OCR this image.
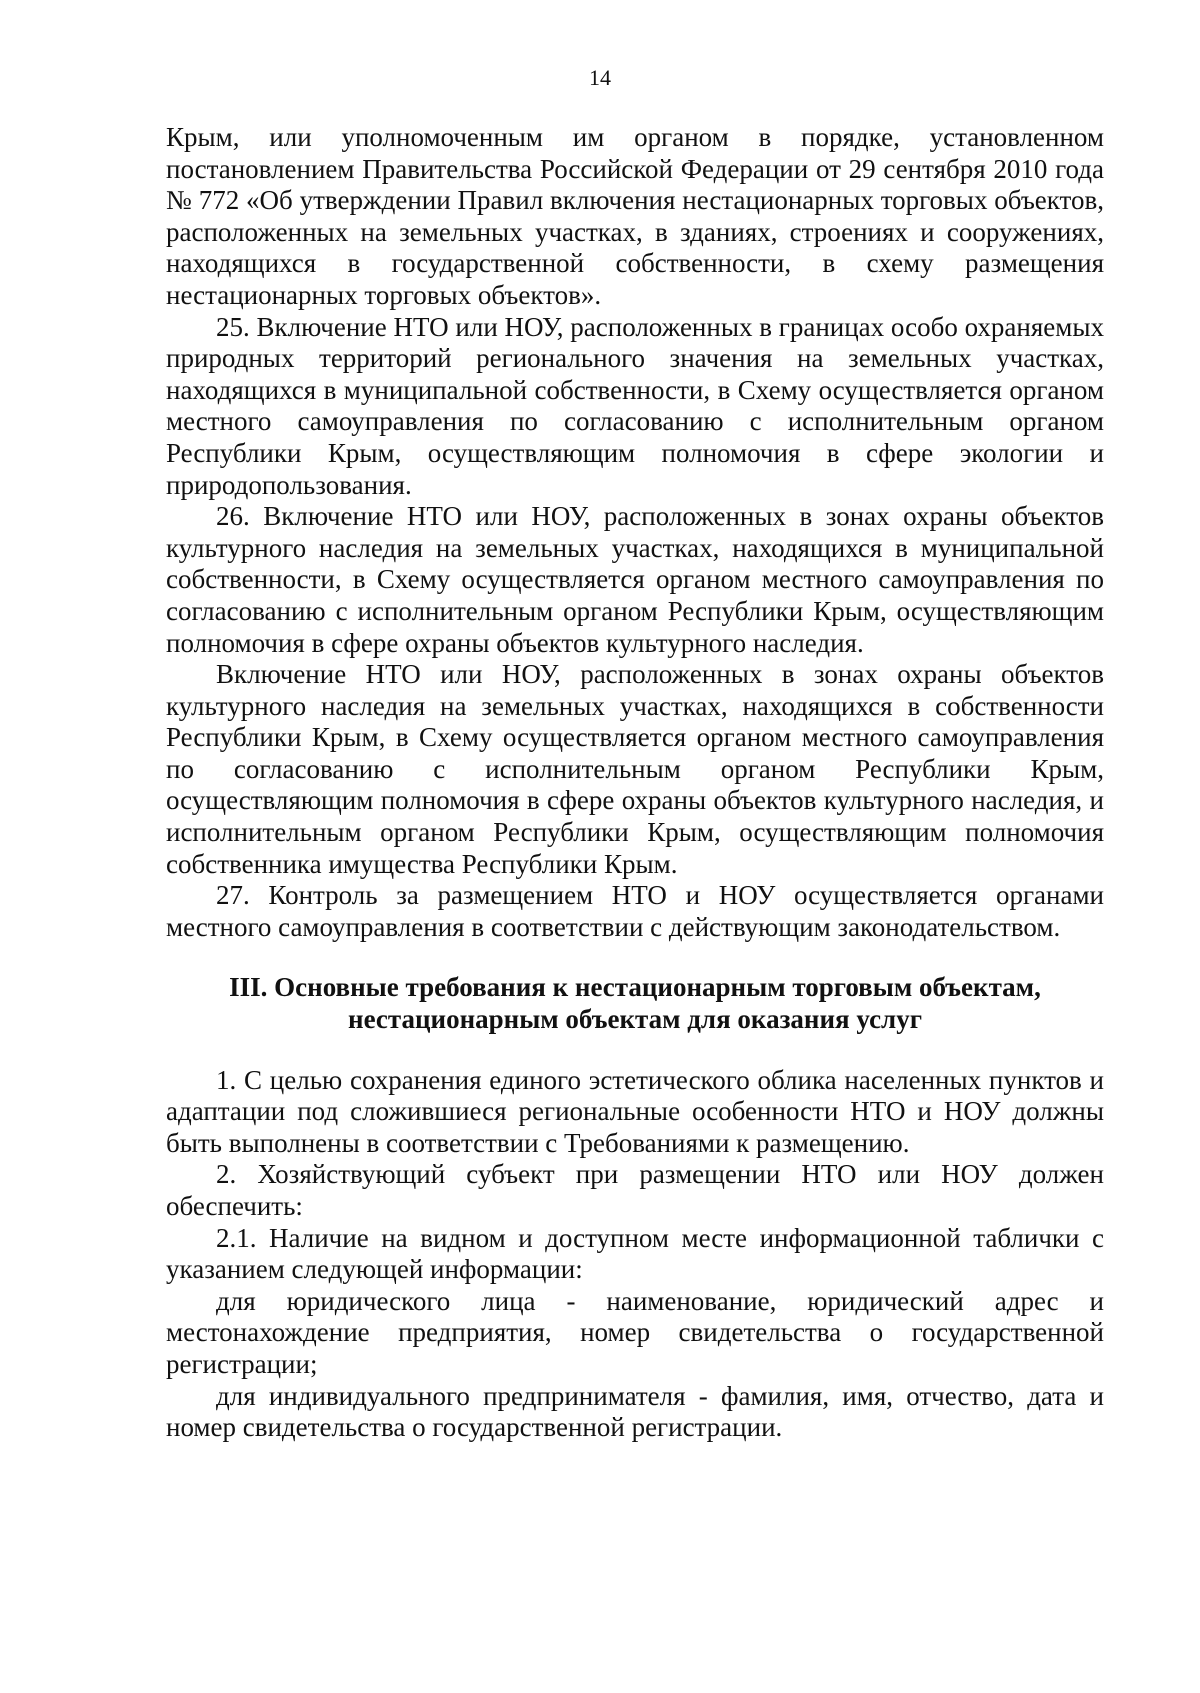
14

Крым, или уполномоченным им органом в порядке, установленном постановлением Правительства Российской Федерации от 29 сентября 2010 года № 772 «Об утверждении Правил включения нестационарных торговых объектов, расположенных на земельных участках, в зданиях, строениях и сооружениях, находящихся в государственной собственности, в схему размещения нестационарных торговых объектов».

25. Включение НТО или НОУ, расположенных в границах особо охраняемых природных территорий регионального значения на земельных участках, находящихся в муниципальной собственности, в Схему осуществляется органом местного самоуправления по согласованию с исполнительным органом Республики Крым, осуществляющим полномочия в сфере экологии и природопользования.

26. Включение НТО или НОУ, расположенных в зонах охраны объектов культурного наследия на земельных участках, находящихся в муниципальной собственности, в Схему осуществляется органом местного самоуправления по согласованию с исполнительным органом Республики Крым, осуществляющим полномочия в сфере охраны объектов культурного наследия.

Включение НТО или НОУ, расположенных в зонах охраны объектов культурного наследия на земельных участках, находящихся в собственности Республики Крым, в Схему осуществляется органом местного самоуправления по согласованию с исполнительным органом Республики Крым, осуществляющим полномочия в сфере охраны объектов культурного наследия, и исполнительным органом Республики Крым, осуществляющим полномочия собственника имущества Республики Крым.

27. Контроль за размещением НТО и НОУ осуществляется органами местного самоуправления в соответствии с действующим законодательством.

III. Основные требования к нестационарным торговым объектам,

нестационарным объектам для оказания услуг

1. С целью сохранения единого эстетического облика населенных пунктов и адаптации под сложившиеся региональные особенности НТО и НОУ должны быть выполнены в соответствии с Требованиями к размещению.

2. Хозяйствующий субъект при размещении НТО или НОУ должен обеспечить:

2.1. Наличие на видном и доступном месте информационной таблички с указанием следующей информации:

для юридического лица - наименование, юридический адрес и местонахождение предприятия, номер свидетельства о государственной регистрации;

для индивидуального предпринимателя - фамилия, имя, отчество, дата и номер свидетельства о государственной регистрации.
